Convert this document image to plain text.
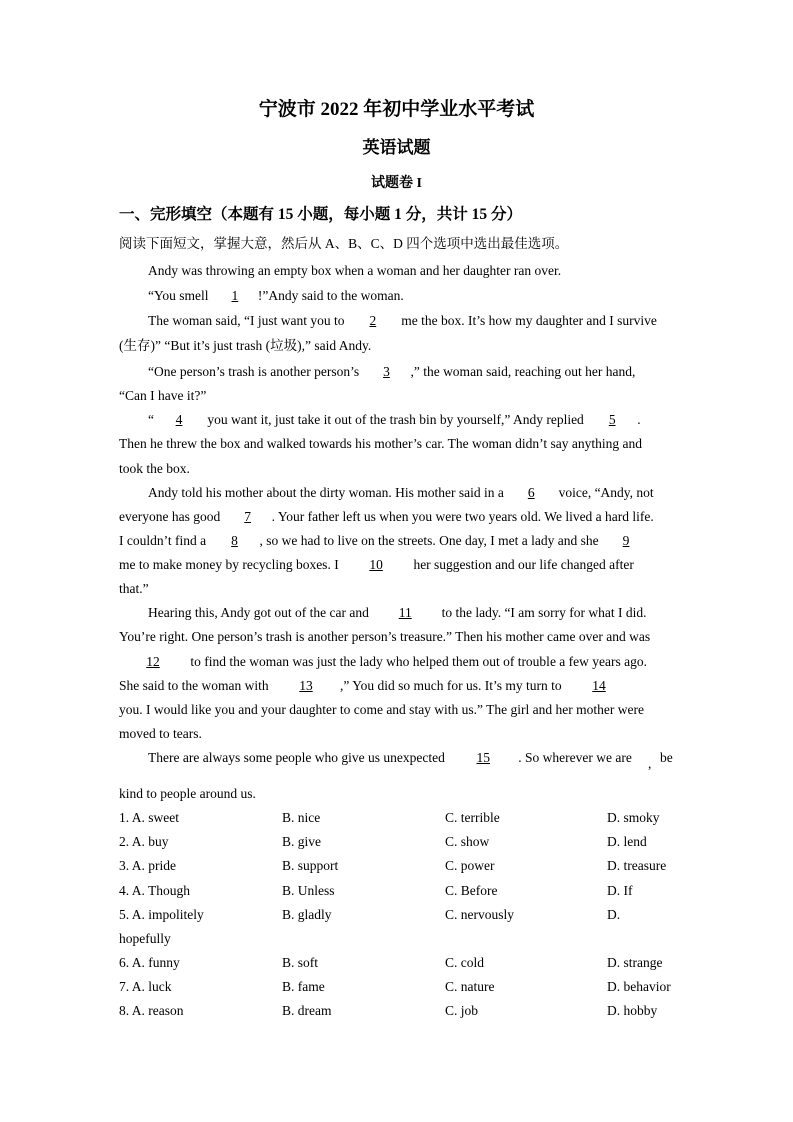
宁波市 2022 年初中学业水平考试
英语试题
试题卷 I
一、完形填空（本题有 15 小题，每小题 1 分，共计 15 分）
阅读下面短文，掌握大意，然后从 A、B、C、D 四个选项中选出最佳选项。
Andy was throwing an empty box when a woman and her daughter ran over.
“You smell 1 !”Andy said to the woman.
The woman said, “I just want you to 2 me the box. It’s how my daughter and I survive
(生存)” “But it’s just trash (垃圾),” said Andy.
“One person’s trash is another person’s 3 ,” the woman said, reaching out her hand,
“Can I have it?”
“ 4 you want it, just take it out of the trash bin by yourself,” Andy replied 5 .
Then he threw the box and walked towards his mother’s car. The woman didn’t say anything and
took the box.
Andy told his mother about the dirty woman. His mother said in a 6 voice, “Andy, not
everyone has good 7 . Your father left us when you were two years old. We lived a hard life.
I couldn’t find a 8 , so we had to live on the streets. One day, I met a lady and she 9
me to make money by recycling boxes. I 10 her suggestion and our life changed after
that.”
Hearing this, Andy got out of the car and 11 to the lady. “I am sorry for what I did.
You’re right. One person’s trash is another person’s treasure.” Then his mother came over and was
12 to find the woman was just the lady who helped them out of trouble a few years ago.
She said to the woman with 13 ,” You did so much for us. It’s my turn to 14
you. I would like you and your daughter to come and stay with us.” The girl and her mother were
moved to tears.
There are always some people who give us unexpected 15 . So wherever we are , be
kind to people around us.
1. A. sweet	B. nice	C. terrible	D. smoky
2. A. buy	B. give	C. show	D. lend
3. A. pride	B. support	C. power	D. treasure
4. A. Though	B. Unless	C. Before	D. If
5. A. impolitely	B. gladly	C. nervously	D.
hopefully
6. A. funny	B. soft	C. cold	D. strange
7. A. luck	B. fame	C. nature	D. behavior
8. A. reason	B. dream	C. job	D. hobby
